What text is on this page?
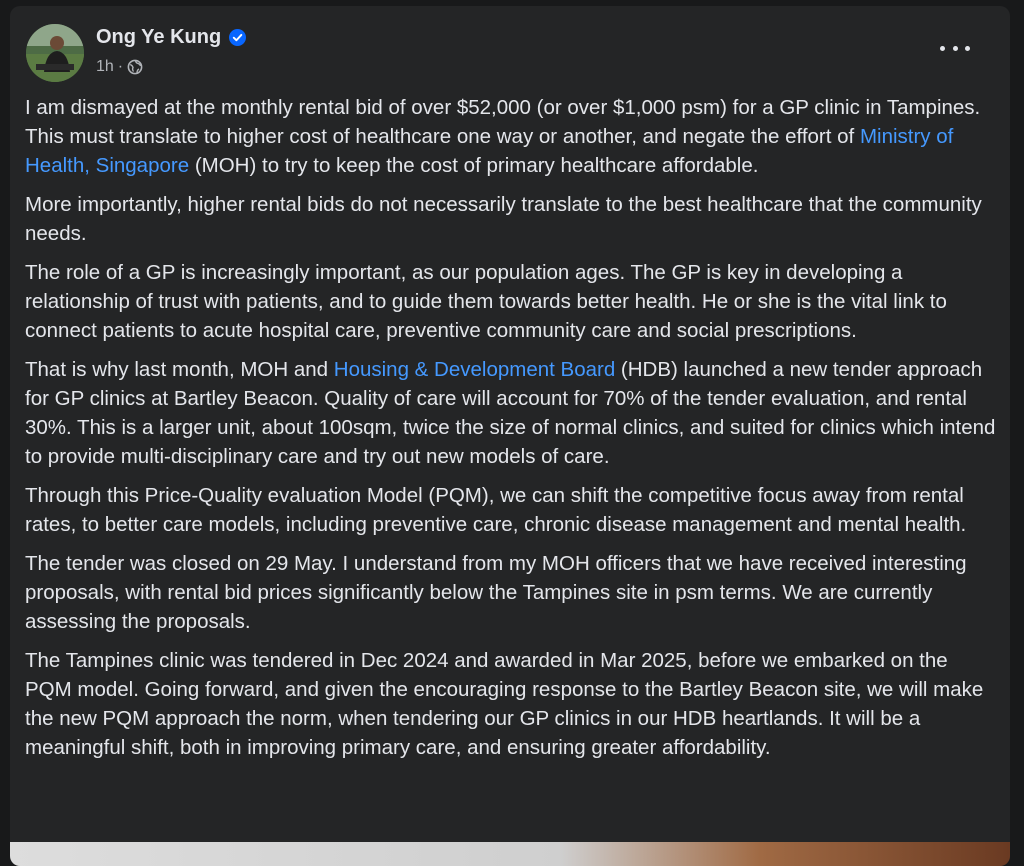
Ong Ye Kung
1h ·

I am dismayed at the monthly rental bid of over $52,000 (or over $1,000 psm) for a GP clinic in Tampines. This must translate to higher cost of healthcare one way or another, and negate the effort of Ministry of Health, Singapore (MOH) to try to keep the cost of primary healthcare affordable.

More importantly, higher rental bids do not necessarily translate to the best healthcare that the community needs.

The role of a GP is increasingly important, as our population ages. The GP is key in developing a relationship of trust with patients, and to guide them towards better health. He or she is the vital link to connect patients to acute hospital care, preventive community care and social prescriptions.

That is why last month, MOH and Housing & Development Board (HDB) launched a new tender approach for GP clinics at Bartley Beacon. Quality of care will account for 70% of the tender evaluation, and rental 30%. This is a larger unit, about 100sqm, twice the size of normal clinics, and suited for clinics which intend to provide multi-disciplinary care and try out new models of care.

Through this Price-Quality evaluation Model (PQM), we can shift the competitive focus away from rental rates, to better care models, including preventive care, chronic disease management and mental health.

The tender was closed on 29 May. I understand from my MOH officers that we have received interesting proposals, with rental bid prices significantly below the Tampines site in psm terms. We are currently assessing the proposals.

The Tampines clinic was tendered in Dec 2024 and awarded in Mar 2025, before we embarked on the PQM model. Going forward, and given the encouraging response to the Bartley Beacon site, we will make the new PQM approach the norm, when tendering our GP clinics in our HDB heartlands. It will be a meaningful shift, both in improving primary care, and ensuring greater affordability.
